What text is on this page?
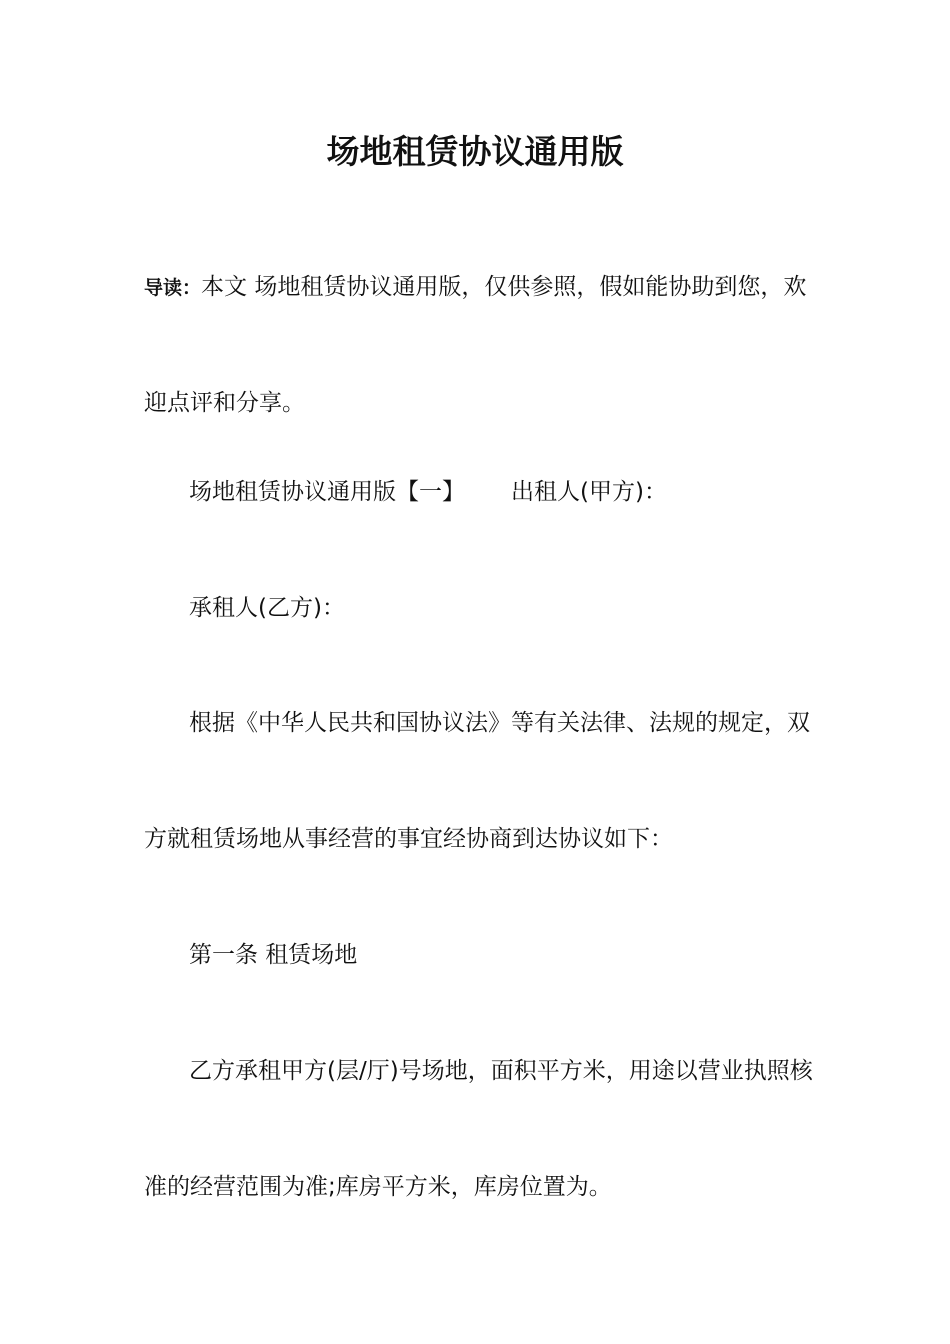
场地租赁协议通用版
导读：本文 场地租赁协议通用版，仅供参照，假如能协助到您，欢
迎点评和分享。
场地租赁协议通用版【一】 出租人(甲方)：
承租人(乙方)：
根据《中华人民共和国协议法》等有关法律、法规的规定，双
方就租赁场地从事经营的事宜经协商到达协议如下：
第一条 租赁场地
乙方承租甲方(层/厅)号场地，面积平方米，用途以营业执照核
准的经营范围为准;库房平方米，库房位置为。
